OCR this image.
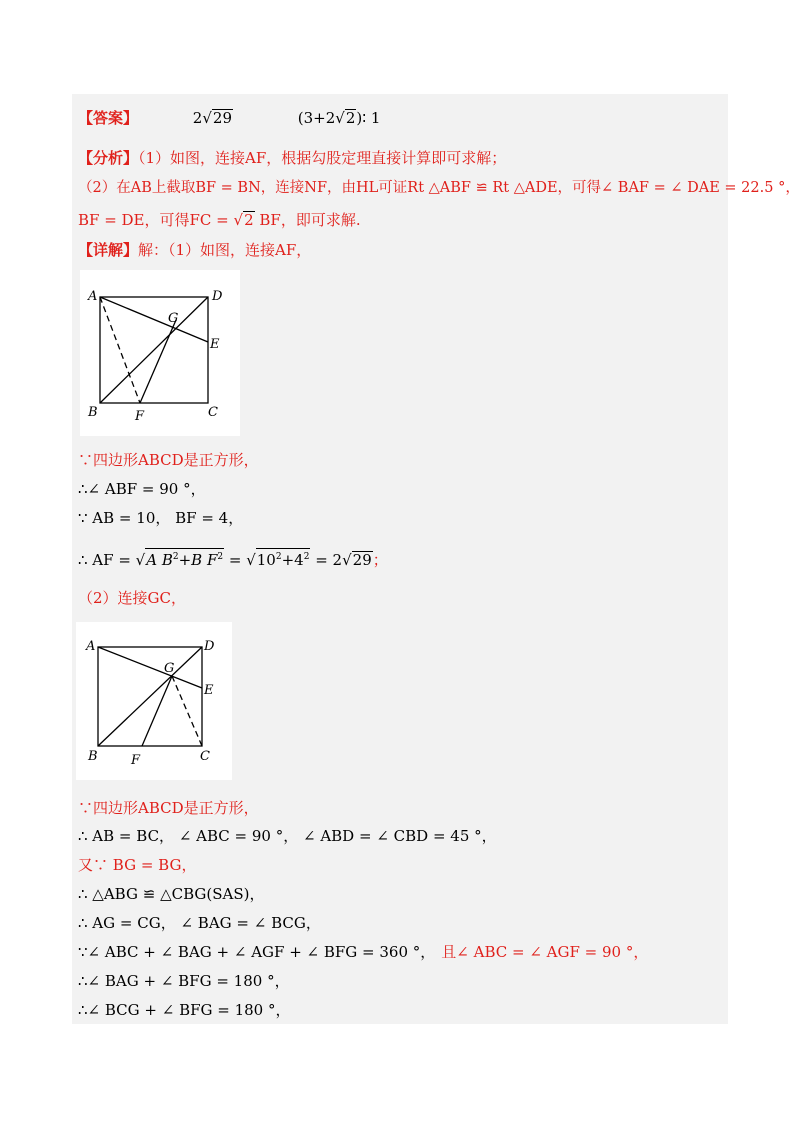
【答案】	2√29	(3+2√2)∶ 1
【分析】（1）如图，连接AF，根据勾股定理直接计算即可求解；
（2）在AB上截取BF = BN，连接NF，由HL可证Rt △ABF ≌ Rt △ADE，可得∠ BAF = ∠ DAE = 22.5 °，
BF = DE，可得FC = √2 BF，即可求解.
【详解】解：（1）如图，连接AF，
A	D
G
E
B	F	C
∵四边形ABCD是正方形，
∴∠ ABF = 90 °，
∵ AB = 10， BF = 4，
∴ AF = √A $B^2+B$ $F^2 = √10^2+4^2 = 2√29$；
（2）连接GC，
A	D
G
E
B	F	C
∵四边形ABCD是正方形，
∴ AB = BC， ∠ ABC = 90 °， ∠ ABD = ∠ CBD = 45 °，
又∵ BG = BG，
∴ △ABG ≌ △CBG(SAS)，
∴ AG = CG， ∠ BAG = ∠ BCG，
∵∠ ABC + ∠ BAG + ∠ AGF + ∠ BFG = 360 °， 且∠ ABC = ∠ AGF = 90 °，
∴∠ BAG + ∠ BFG = 180 °，
∴∠ BCG + ∠ BFG = 180 °，
